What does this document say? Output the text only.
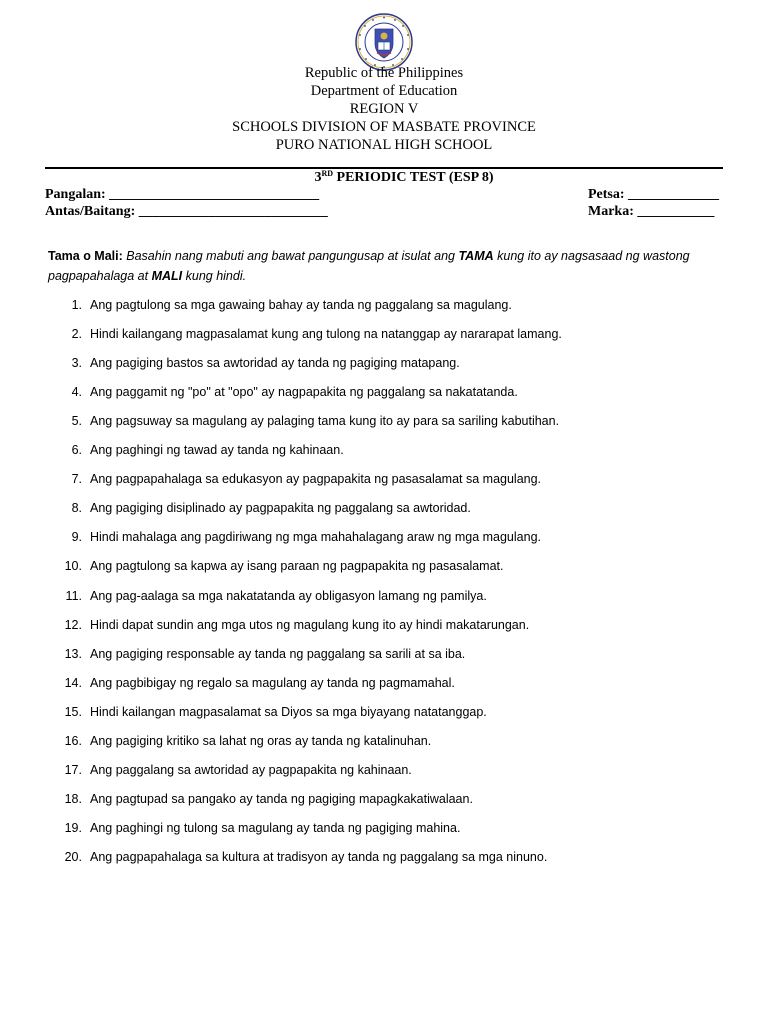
Republic of the Philippines
Department of Education
REGION V
SCHOOLS DIVISION OF MASBATE PROVINCE
PURO NATIONAL HIGH SCHOOL
3RD PERIODIC TEST (ESP 8)
Pangalan: ______________________________	Petsa: _____________
Antas/Baitang: ___________________________	Marka: ___________
Tama o Mali: Basahin nang mabuti ang bawat pangungusap at isulat ang TAMA kung ito ay nagsasaad ng wastong pagpapahalaga at MALI kung hindi.
1. Ang pagtulong sa mga gawaing bahay ay tanda ng paggalang sa magulang.
2. Hindi kailangang magpasalamat kung ang tulong na natanggap ay nararapat lamang.
3. Ang pagiging bastos sa awtoridad ay tanda ng pagiging matapang.
4. Ang paggamit ng "po" at "opo" ay nagpapakita ng paggalang sa nakatatanda.
5. Ang pagsuway sa magulang ay palaging tama kung ito ay para sa sariling kabutihan.
6. Ang paghingi ng tawad ay tanda ng kahinaan.
7. Ang pagpapahalaga sa edukasyon ay pagpapakita ng pasasalamat sa magulang.
8. Ang pagiging disiplinado ay pagpapakita ng paggalang sa awtoridad.
9. Hindi mahalaga ang pagdiriwang ng mga mahahalagang araw ng mga magulang.
10. Ang pagtulong sa kapwa ay isang paraan ng pagpapakita ng pasasalamat.
11. Ang pag-aalaga sa mga nakatatanda ay obligasyon lamang ng pamilya.
12. Hindi dapat sundin ang mga utos ng magulang kung ito ay hindi makatarungan.
13. Ang pagiging responsable ay tanda ng paggalang sa sarili at sa iba.
14. Ang pagbibigay ng regalo sa magulang ay tanda ng pagmamahal.
15. Hindi kailangan magpasalamat sa Diyos sa mga biyayang natatanggap.
16. Ang pagiging kritiko sa lahat ng oras ay tanda ng katalinuhan.
17. Ang paggalang sa awtoridad ay pagpapakita ng kahinaan.
18. Ang pagtupad sa pangako ay tanda ng pagiging mapagkakatiwalaan.
19. Ang paghingi ng tulong sa magulang ay tanda ng pagiging mahina.
20. Ang pagpapahalaga sa kultura at tradisyon ay tanda ng paggalang sa mga ninuno.
